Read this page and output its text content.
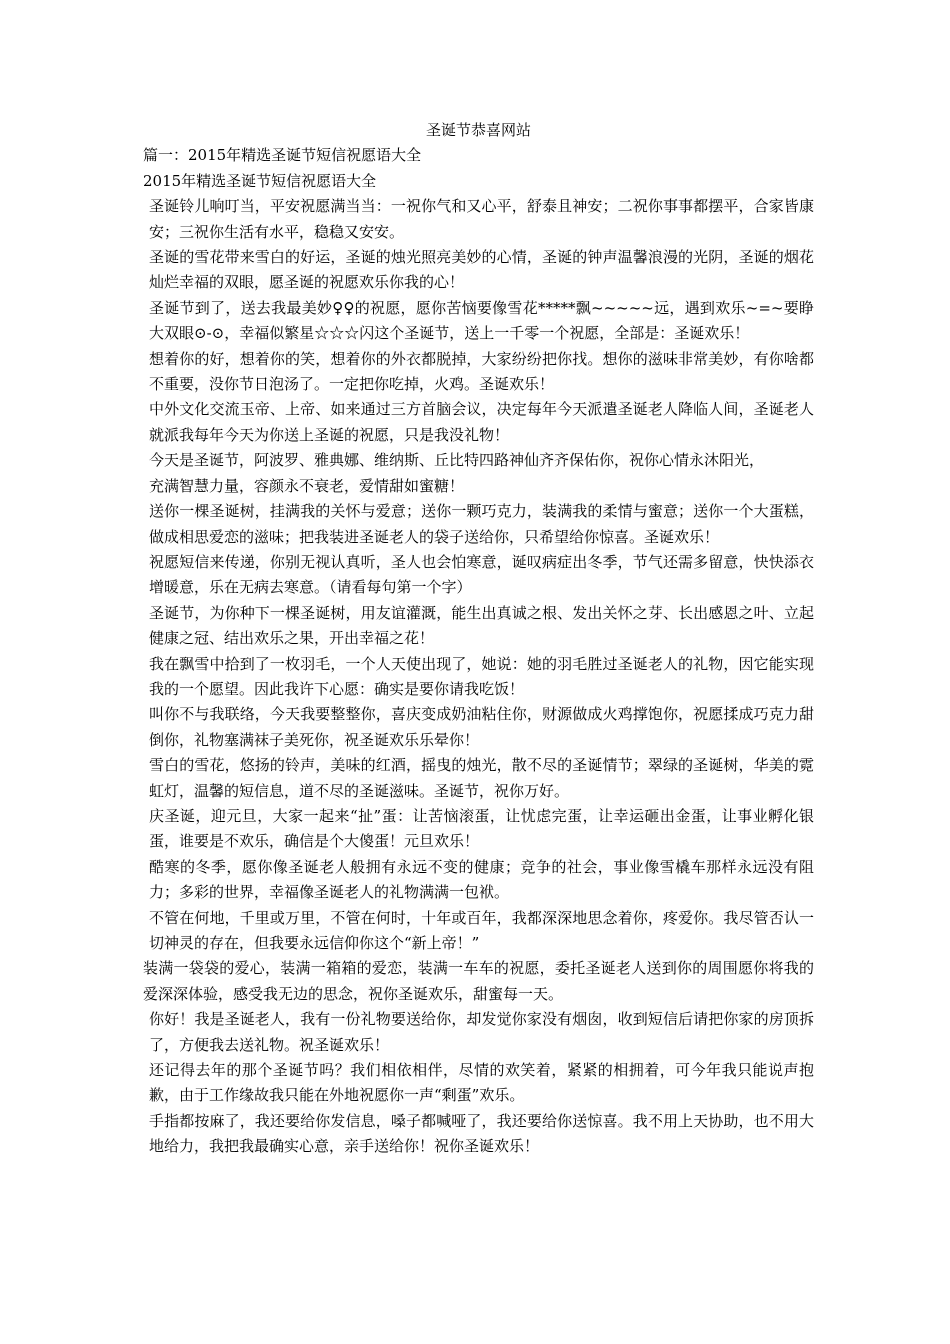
圣诞节恭喜网站
篇一：2015年精选圣诞节短信祝愿语大全
2015年精选圣诞节短信祝愿语大全
圣诞铃儿响叮当，平安祝愿满当当：一祝你气和又心平，舒泰且神安；二祝你事事都摆平，合家皆康安；三祝你生活有水平，稳稳又安安。
圣诞的雪花带来雪白的好运，圣诞的烛光照亮美妙的心情，圣诞的钟声温馨浪漫的光阴，圣诞的烟花灿烂幸福的双眼，愿圣诞的祝愿欢乐你我的心！
圣诞节到了，送去我最美妙♀♀的祝愿，愿你苦恼要像雪花*****飘~~~~~远，遇到欢乐~=~要睁大双眼⊙-⊙，幸福似繁星☆☆☆闪这个圣诞节，送上一千零一个祝愿，全部是：圣诞欢乐！
想着你的好，想着你的笑，想着你的外衣都脱掉，大家纷纷把你找。想你的滋味非常美妙，有你啥都不重要，没你节日泡汤了。一定把你吃掉，火鸡。圣诞欢乐！
中外文化交流玉帝、上帝、如来通过三方首脑会议，决定每年今天派遣圣诞老人降临人间，圣诞老人就派我每年今天为你送上圣诞的祝愿，只是我没礼物！
今天是圣诞节，阿波罗、雅典娜、维纳斯、丘比特四路神仙齐齐保佑你，祝你心情永沐阳光，
充满智慧力量，容颜永不衰老，爱情甜如蜜糖！
送你一棵圣诞树，挂满我的关怀与爱意；送你一颗巧克力，装满我的柔情与蜜意；送你一个大蛋糕，做成相思爱恋的滋味；把我装进圣诞老人的袋子送给你，只希望给你惊喜。圣诞欢乐！
祝愿短信来传递，你别无视认真听，圣人也会怕寒意，诞叹病症出冬季，节气还需多留意，快快添衣增暖意，乐在无病去寒意。（请看每句第一个字）
圣诞节，为你种下一棵圣诞树，用友谊灌溉，能生出真诚之根、发出关怀之芽、长出感恩之叶、立起健康之冠、结出欢乐之果，开出幸福之花！
我在飘雪中拾到了一枚羽毛，一个人天使出现了，她说：她的羽毛胜过圣诞老人的礼物，因它能实现我的一个愿望。因此我许下心愿：确实是要你请我吃饭！
叫你不与我联络，今天我要整整你，喜庆变成奶油粘住你，财源做成火鸡撑饱你，祝愿揉成巧克力甜倒你，礼物塞满袜子美死你，祝圣诞欢乐乐晕你！
雪白的雪花，悠扬的铃声，美味的红酒，摇曳的烛光，散不尽的圣诞情节；翠绿的圣诞树，华美的霓虹灯，温馨的短信息，道不尽的圣诞滋味。圣诞节，祝你万好。
庆圣诞，迎元旦，大家一起来“扯”蛋：让苦恼滚蛋，让忧虑完蛋，让幸运砸出金蛋，让事业孵化银蛋，谁要是不欢乐，确信是个大傻蛋！元旦欢乐！
酷寒的冬季，愿你像圣诞老人般拥有永远不变的健康；竞争的社会，事业像雪橇车那样永远没有阻力；多彩的世界，幸福像圣诞老人的礼物满满一包袱。
不管在何地，千里或万里，不管在何时，十年或百年，我都深深地思念着你，疼爱你。我尽管否认一切神灵的存在，但我要永远信仰你这个“新上帝！”
装满一袋袋的爱心，装满一箱箱的爱恋，装满一车车的祝愿，委托圣诞老人送到你的周围愿你将我的爱深深体验，感受我无边的思念，祝你圣诞欢乐，甜蜜每一天。
你好！我是圣诞老人，我有一份礼物要送给你，却发觉你家没有烟囱，收到短信后请把你家的房顶拆了，方便我去送礼物。祝圣诞欢乐！
还记得去年的那个圣诞节吗？我们相依相伴，尽情的欢笑着，紧紧的相拥着，可今年我只能说声抱歉，由于工作缘故我只能在外地祝愿你一声“剩蛋”欢乐。
手指都按麻了，我还要给你发信息，嗓子都喊哑了，我还要给你送惊喜。我不用上天协助，也不用大地给力，我把我最确实心意，亲手送给你！祝你圣诞欢乐！
